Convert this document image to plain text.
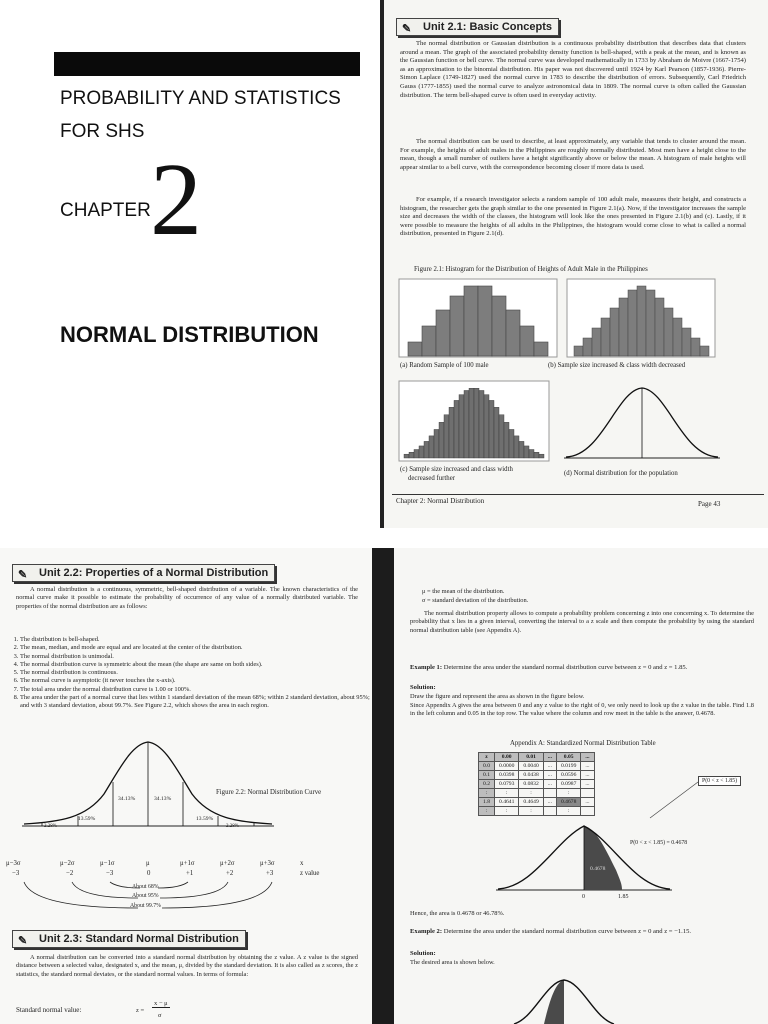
PROBABILITY AND STATISTICS
FOR SHS
CHAPTER 2
NORMAL DISTRIBUTION
✎ Unit 2.1: Basic Concepts
The normal distribution or Gaussian distribution is a continuous probability distribution that describes data that clusters around a mean. The graph of the associated probability density function is bell-shaped, with a peak at the mean, and is known as the Gaussian function or bell curve. The normal curve was developed mathematically in 1733 by Abraham de Moivre (1667-1754) as an approximation to the binomial distribution. His paper was not discovered until 1924 by Karl Pearson (1857-1936). Pierre-Simon Laplace (1749-1827) used the normal curve in 1783 to describe the distribution of errors. Subsequently, Carl Friedrich Gauss (1777-1855) used the normal curve to analyze astronomical data in 1809. The normal curve is often called the Gaussian distribution. The term bell-shaped curve is often used in everyday activity.
The normal distribution can be used to describe, at least approximately, any variable that tends to cluster around the mean. For example, the heights of adult males in the Philippines are roughly normally distributed. Most men have a height close to the mean, though a small number of outliers have a height significantly above or below the mean. A histogram of male heights will appear similar to a bell curve, with the correspondence becoming closer if more data is used.
For example, if a research investigator selects a random sample of 100 adult male, measures their height, and constructs a histogram, the researcher gets the graph similar to the one presented in Figure 2.1(a). Now, if the investigator increases the sample size and decreases the width of the classes, the histogram will look like the ones presented in Figure 2.1(b) and (c). Lastly, if it were possible to measure the heights of all adults in the Philippines, the histogram would come close to what is called a normal distribution, presented in Figure 2.1(d).
Figure 2.1: Histogram for the Distribution of Heights of Adult Male in the Philippines
(a) Random Sample of 100 male	(b) Sample size increased & class width decreased
(c) Sample size increased and class width
decreased further
(d) Normal distribution for the population
Chapter 2: Normal Distribution	Page 43
✎ Unit 2.2: Properties of a Normal Distribution
A normal distribution is a continuous, symmetric, bell-shaped distribution of a variable. The known characteristics of the normal curve make it possible to estimate the probability of occurrence of any value of a normally distributed variable. The properties of the normal distribution are as follows:
1. The distribution is bell-shaped.
2. The mean, median, and mode are equal and are located at the center of the distribution.
3. The normal distribution is unimodal.
4. The normal distribution curve is symmetric about the mean (the shape are same on both sides).
5. The normal distribution is continuous.
6. The normal curve is asymptotic (it never touches the x-axis).
7. The total area under the normal distribution curve is 1.00 or 100%.
8. The area under the part of a normal curve that lies within 1 standard deviation of the mean 68%; within 2 standard deviation, about 95%; and with 3 standard deviation, about 99.7%. See Figure 2.2, which shows the area in each region.
Figure 2.2: Normal Distribution Curve
34.13%	34.13%
13.59%	13.59%
2.28%	2.28%
μ−3σ	μ−2σ	μ−1σ	μ	μ+1σ	μ+2σ	μ+3σ	x
−3	−2	−3	0	+1	+2	+3	z value
About 68%
About 95%
About 99.7%
✎ Unit 2.3: Standard Normal Distribution
A normal distribution can be converted into a standard normal distribution by obtaining the z value. A z value is the signed distance between a selected value, designated x, and the mean, μ, divided by the standard deviation. It is also called as z scores, the z statistics, the standard normal deviates, or the standard normal values. In terms of formula:
Standard normal value:	z =
x − μ
σ
μ = the mean of the distribution.
σ = standard deviation of the distribution.
The normal distribution property allows to compute a probability problem concerning z into one concerning x. To determine the probability that x lies in a given interval, converting the interval to a z scale and then compute the probability by using the standard normal distribution table (see Appendix A).
Example 1: Determine the area under the standard normal distribution curve between z = 0 and z = 1.85.
Solution:
Draw the figure and represent the area as shown in the figure below.
Since Appendix A gives the area between 0 and any z value to the right of 0, we only need to look up the z value in the table. Find 1.8 in the left column and 0.05 in the top row. The value where the column and row meet in the table is the answer, 0.4678.
Appendix A: Standardized Normal Distribution Table
z	0.00	0.01	...	0.05	...
0.0	0.0000	0.0040	...	0.0199	...
0.1	0.0398	0.0438	...	0.0596	...
0.2	0.0793	0.0832	...	0.0987	...
:	:	:		:	
1.8	0.4641	0.4649	...	0.4678	...
:	:	:		:	
P(0 < z < 1.85)
0.4678
P(0 < z < 1.85) = 0.4678
0	1.85
Hence, the area is 0.4678 or 46.78%.
Example 2: Determine the area under the standard normal distribution curve between z = 0 and z = −1.15.
Solution:
The desired area is shown below.
